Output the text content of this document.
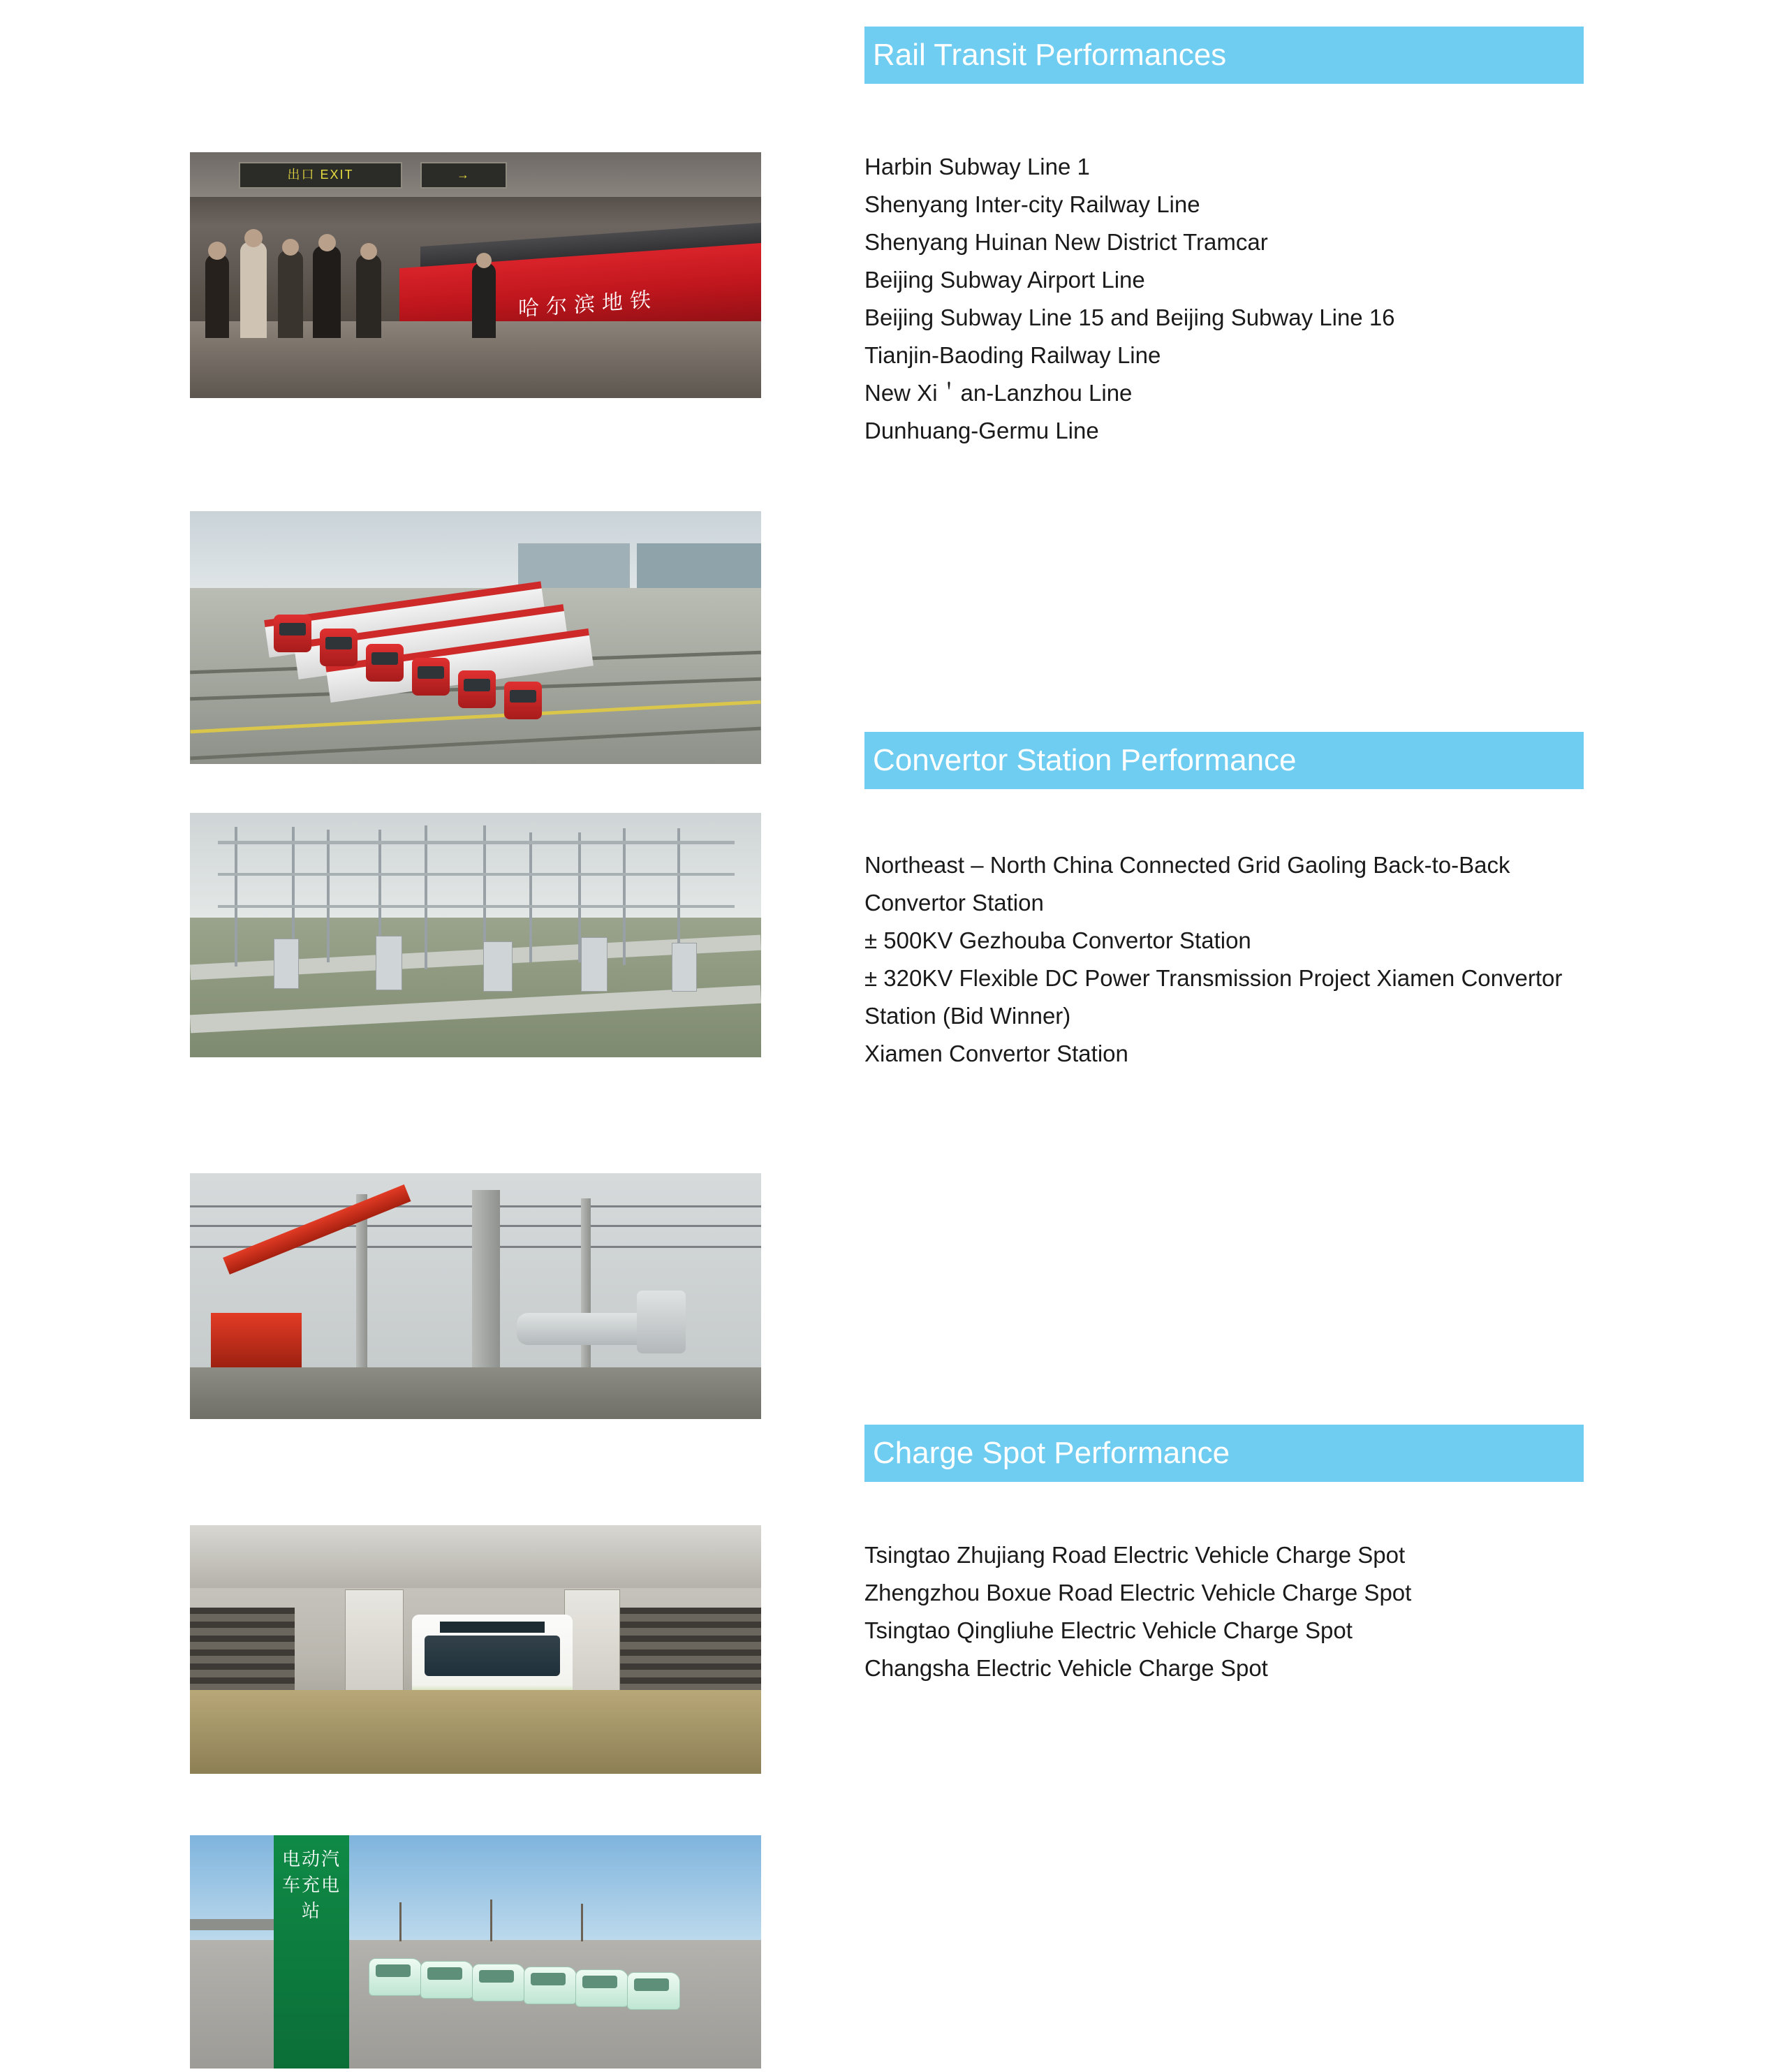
出口 EXIT	→
哈尔滨地铁
电动汽车充电站
Rail Transit Performances
Harbin Subway Line 1
Shenyang Inter-city Railway Line
Shenyang Huinan New District Tramcar
Beijing Subway Airport Line
Beijing Subway Line 15 and Beijing Subway Line 16
Tianjin-Baoding Railway Line
New Xi＇an-Lanzhou Line
Dunhuang-Germu Line
Convertor Station Performance
Northeast – North China Connected Grid Gaoling Back-to-Back Convertor Station
± 500KV Gezhouba Convertor Station
± 320KV Flexible DC Power Transmission Project Xiamen Convertor Station (Bid Winner)
Xiamen Convertor Station
Charge Spot Performance
Tsingtao Zhujiang Road Electric Vehicle Charge Spot
Zhengzhou Boxue Road Electric Vehicle Charge Spot
Tsingtao Qingliuhe Electric Vehicle Charge Spot
Changsha Electric Vehicle Charge Spot
